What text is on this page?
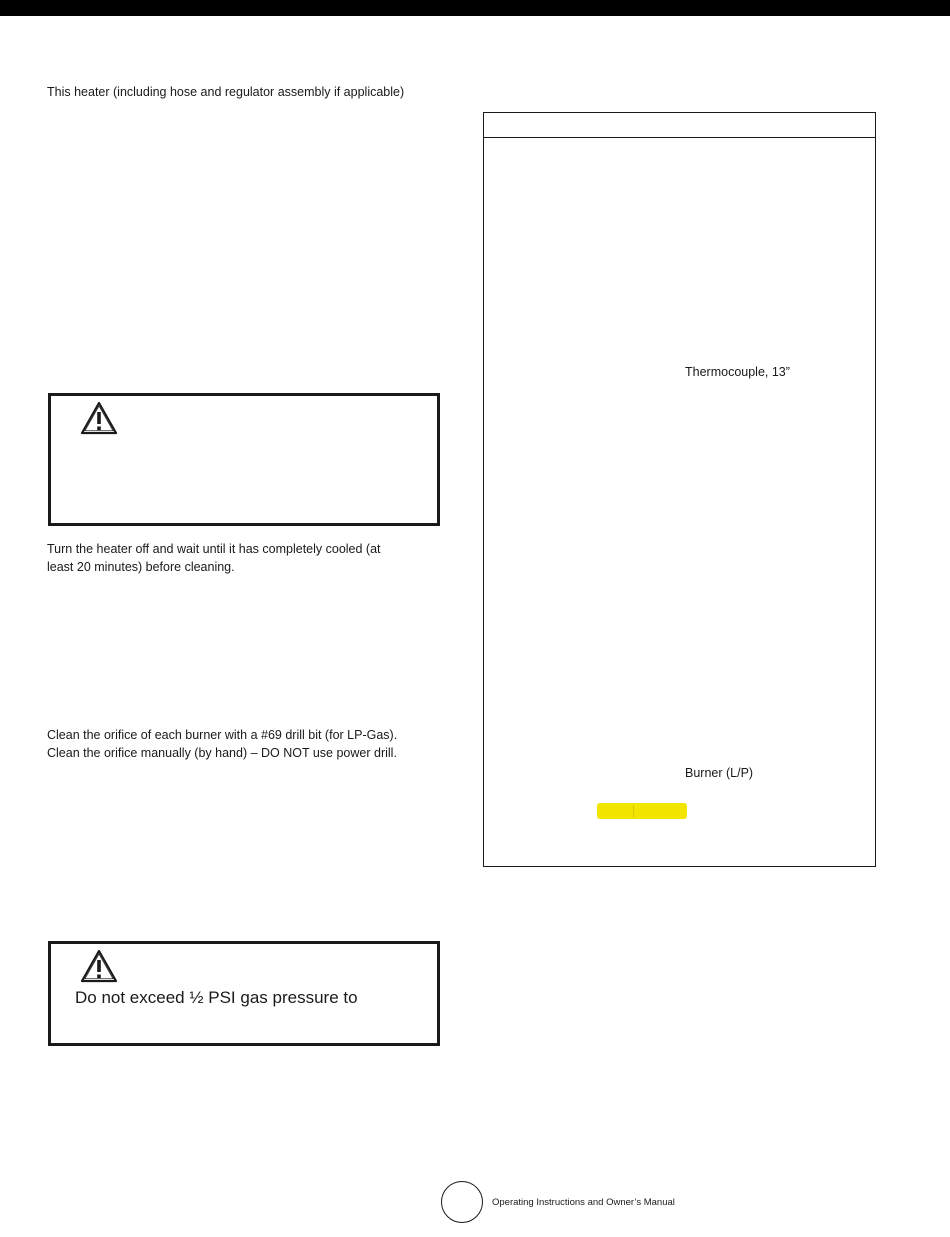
This heater (including hose and regulator assembly if applicable)
Turn the heater off and wait until it has completely cooled (at
least 20 minutes) before cleaning.
Clean the orifice of each burner with a #69 drill bit (for LP-Gas).
Clean the orifice manually (by hand) – DO NOT use power drill.
Do not exceed ½ PSI gas pressure to
Thermocouple, 13”
Burner (L/P)
Operating Instructions and Owner’s Manual
